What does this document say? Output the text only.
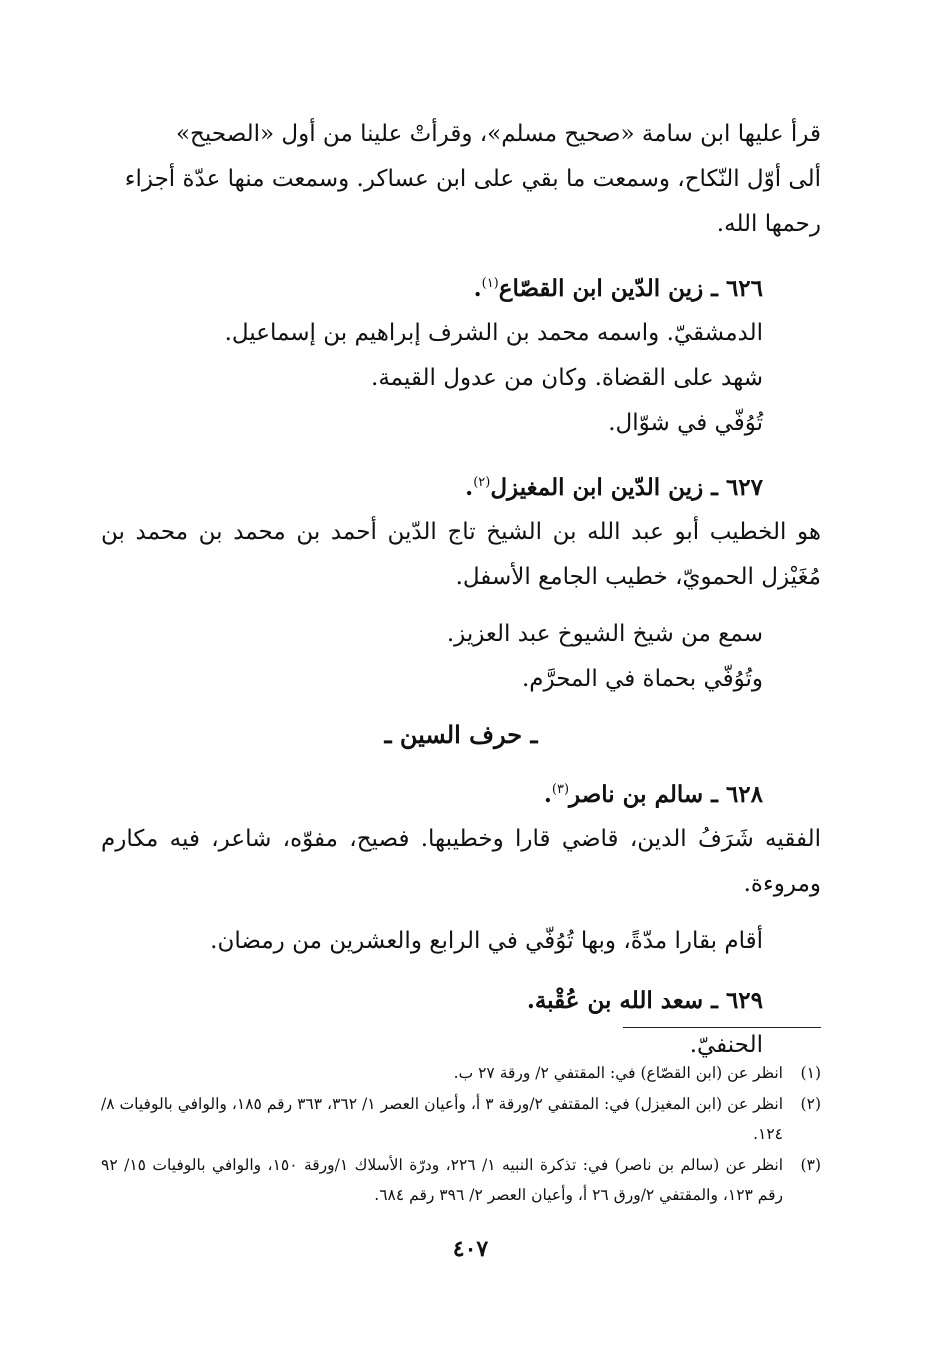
قرأ عليها ابن سامة «صحيح مسلم»، وقرأتْ علينا من أول «الصحيح»

ألى أوّل النّكاح، وسمعت ما بقي على ابن عساكر. وسمعت منها عدّة أجزاء

رحمها الله.

٦٢٦ ـ زين الدّين ابن القصّاع$^{(١)}$.

الدمشقيّ. واسمه محمد بن الشرف إبراهيم بن إسماعيل.

شهد على القضاة. وكان من عدول القيمة.

تُوُفّي في شوّال.

٦٢٧ ـ زين الدّين ابن المغيزل$^{(٢)}$.

هو الخطيب أبو عبد الله بن الشيخ تاج الدّين أحمد بن محمد بن محمد بن مُغَيْزل الحمويّ، خطيب الجامع الأسفل.

سمع من شيخ الشيوخ عبد العزيز.

وتُوُفّي بحماة في المحرَّم.

ـ حرف السين ـ

٦٢٨ ـ سالم بن ناصر$^{(٣)}$.

الفقيه شَرَفُ الدين، قاضي قارا وخطيبها. فصيح، مفوّه، شاعر، فيه مكارم ومروءة.

أقام بقارا مدّةً، وبها تُوُفّي في الرابع والعشرين من رمضان.

٦٢٩ ـ سعد الله بن عُقْبة.

الحنفيّ.

(١)
انظر عن (ابن القصّاع) في: المقتفي ٢/ ورقة ٢٧ ب.
(٢)
انظر عن (ابن المغيزل) في: المقتفي ٢/ورقة ٣ أ، وأعيان العصر ١/ ٣٦٢، ٣٦٣ رقم ١٨٥، والوافي بالوفيات ٨/ ١٢٤.
(٣)
انظر عن (سالم بن ناصر) في: تذكرة النبيه ١/ ٢٢٦، ودرّة الأسلاك ١/ورقة ١٥٠، والوافي بالوفيات ١٥/ ٩٢ رقم ١٢٣، والمقتفي ٢/ورق ٢٦ أ، وأعيان العصر ٢/ ٣٩٦ رقم ٦٨٤.
٤٠٧
